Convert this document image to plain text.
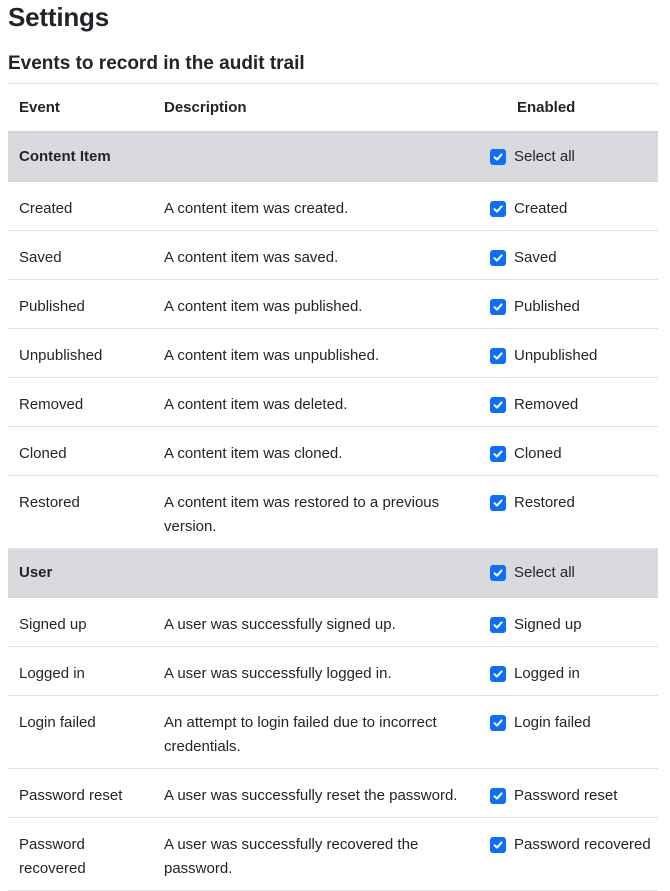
Settings
Events to record in the audit trail
Event	Description	Enabled
Content Item		Select all

Created	A content item was created.	Created

Saved	A content item was saved.	Saved

Published	A content item was published.	Published

Unpublished	A content item was unpublished.	Unpublished

Removed	A content item was deleted.	Removed

Cloned	A content item was cloned.	Cloned

Restored	A content item was restored to a previous version.	Restored

User		Select all

Signed up	A user was successfully signed up.	Signed up

Logged in	A user was successfully logged in.	Logged in

Login failed	An attempt to login failed due to incorrect credentials.	Login failed

Password reset	A user was successfully reset the password.	Password reset

Password recovered	A user was successfully recovered the password.	Password recovered
